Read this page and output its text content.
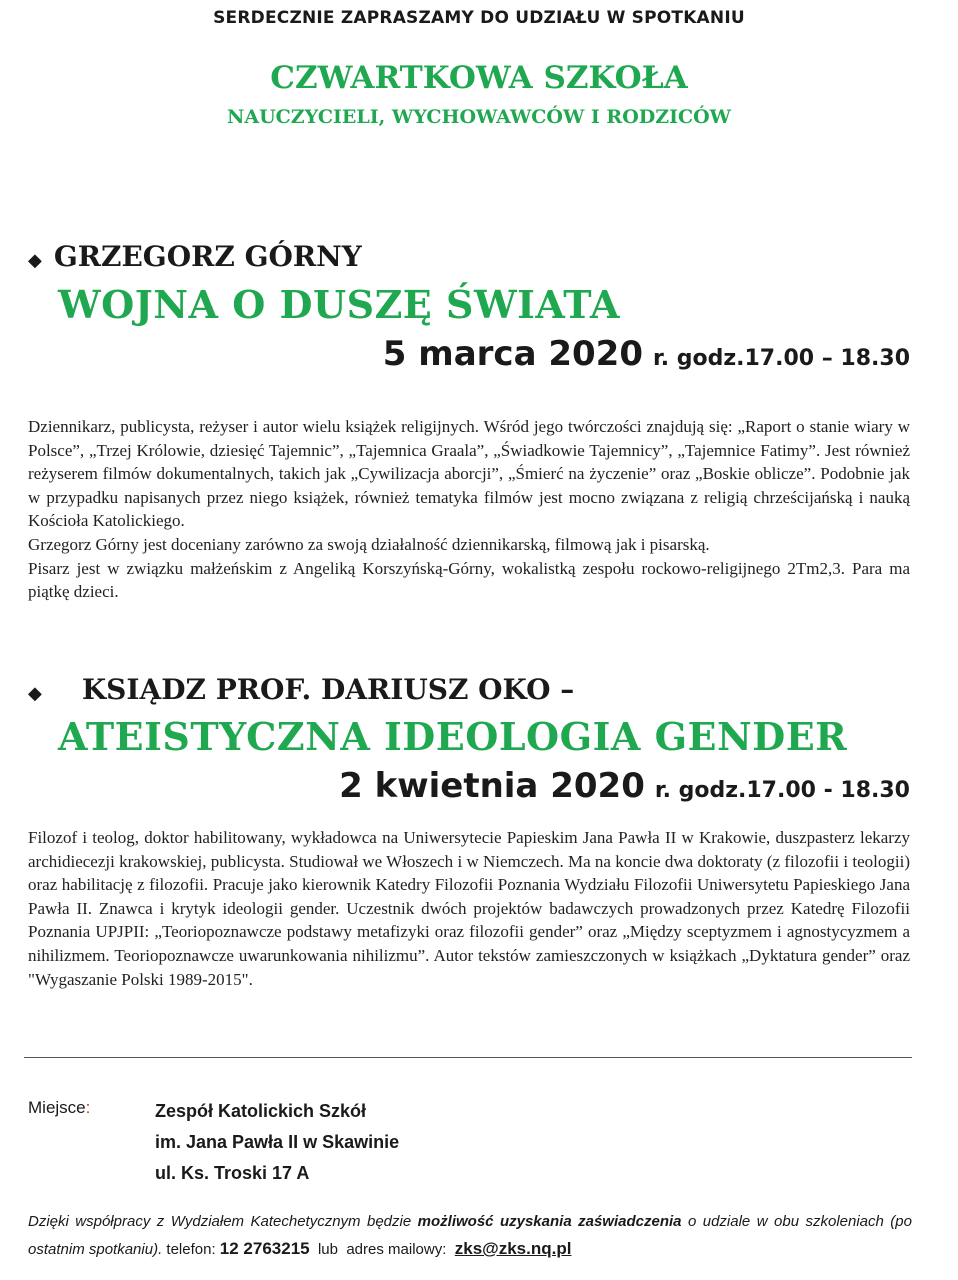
SERDECZNIE ZAPRASZAMY DO UDZIAŁU W SPOTKANIU
CZWARTKOWA SZKOŁA
NAUCZYCIELI, WYCHOWAWCÓW I RODZICÓW
◆ GRZEGORZ GÓRNY
WOJNA O DUSZĘ ŚWIATA
5 marca 2020 r. godz.17.00 – 18.30

Dziennikarz, publicysta, reżyser i autor wielu książek religijnych. Wśród jego twórczości znajdują się: „Raport o stanie wiary w Polsce”, „Trzej Królowie, dziesięć Tajemnic”, „Tajemnica Graala”, „Świadkowie Tajemnicy”, „Tajemnice Fatimy”. Jest również reżyserem filmów dokumentalnych, takich jak „Cywilizacja aborcji”, „Śmierć na życzenie” oraz „Boskie oblicze”. Podobnie jak w przypadku napisanych przez niego książek, również tematyka filmów jest mocno związana z religią chrześcijańską i nauką Kościoła Katolickiego.

Grzegorz Górny jest doceniany zarówno za swoją działalność dziennikarską, filmową jak i pisarską.

Pisarz jest w związku małżeńskim z Angeliką Korszyńską-Górny, wokalistką zespołu rockowo-religijnego 2Tm2,3. Para ma piątkę dzieci.

◆ KSIĄDZ PROF. DARIUSZ OKO –
ATEISTYCZNA IDEOLOGIA GENDER
2 kwietnia 2020 r. godz.17.00 - 18.30

Filozof i teolog, doktor habilitowany, wykładowca na Uniwersytecie Papieskim Jana Pawła II w Krakowie, duszpasterz lekarzy archidiecezji krakowskiej, publicysta. Studiował we Włoszech i w Niemczech. Ma na koncie dwa doktoraty (z filozofii i teologii) oraz habilitację z filozofii. Pracuje jako kierownik Katedry Filozofii Poznania Wydziału Filozofii Uniwersytetu Papieskiego Jana Pawła II. Znawca i krytyk ideologii gender. Uczestnik dwóch projektów badawczych prowadzonych przez Katedrę Filozofii Poznania UPJPII: „Teoriopoznawcze podstawy metafizyki oraz filozofii gender” oraz „Między sceptyzmem i agnostycyzmem a nihilizmem. Teoriopoznawcze uwarunkowania nihilizmu”. Autor tekstów zamieszczonych w książkach „Dyktatura gender” oraz "Wygaszanie Polski 1989-2015".

Miejsce:	Zespół Katolickich Szkół
im. Jana Pawła II w Skawinie
ul. Ks. Troski 17 A
Dzięki współpracy z Wydziałem Katechetycznym będzie możliwość uzyskania zaświadczenia o udziale w obu szkoleniach (po ostatnim spotkaniu). telefon: 12 2763215 lub adres mailowy: zks@zks.nq.pl
